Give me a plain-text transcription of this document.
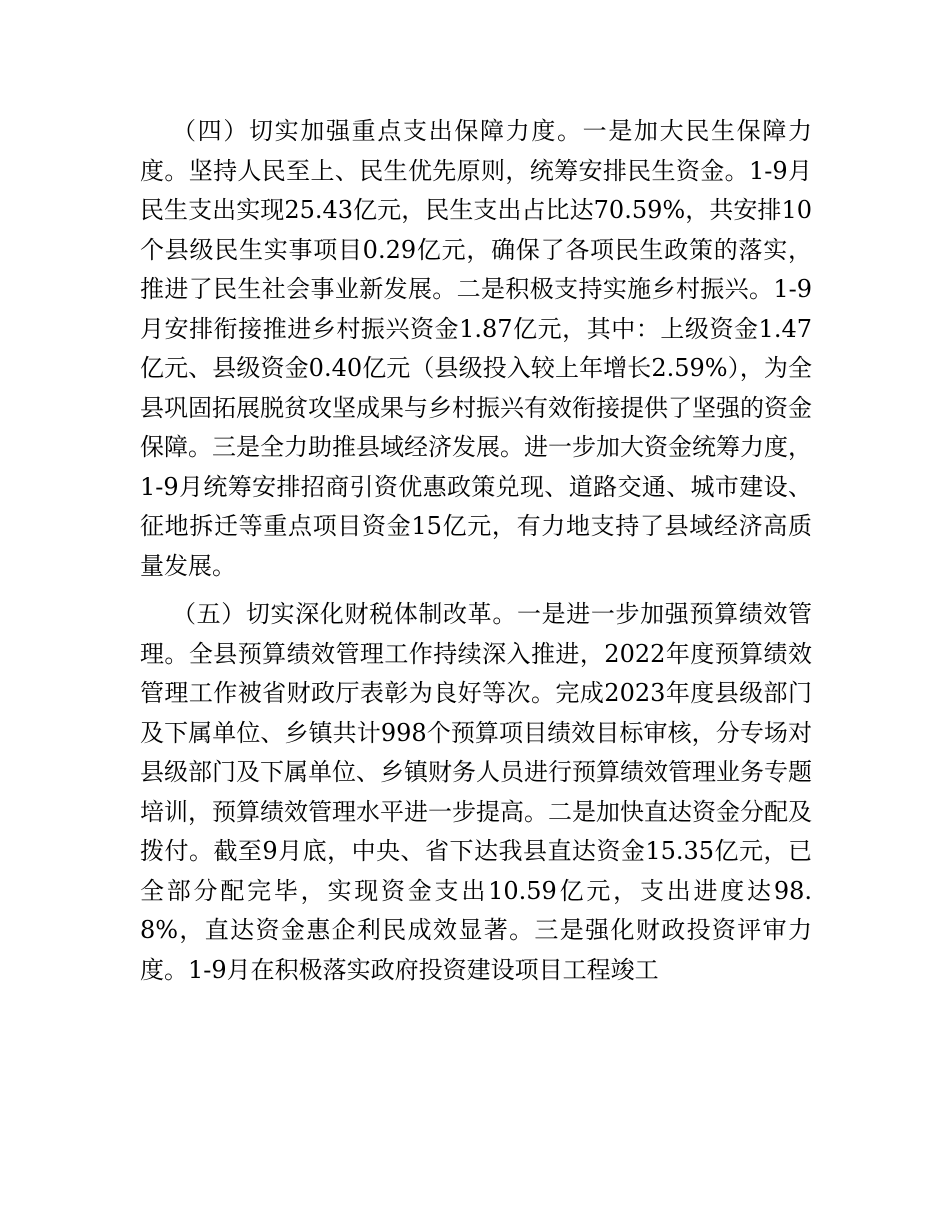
（四）切实加强重点支出保障力度。一是加大民生保障力度。坚持人民至上、民生优先原则，统筹安排民生资金。1-9月民生支出实现25.43亿元，民生支出占比达70.59%，共安排10个县级民生实事项目0.29亿元，确保了各项民生政策的落实，推进了民生社会事业新发展。二是积极支持实施乡村振兴。1-9月安排衔接推进乡村振兴资金1.87亿元，其中：上级资金1.47亿元、县级资金0.40亿元（县级投入较上年增长2.59%），为全县巩固拓展脱贫攻坚成果与乡村振兴有效衔接提供了坚强的资金保障。三是全力助推县域经济发展。进一步加大资金统筹力度，1-9月统筹安排招商引资优惠政策兑现、道路交通、城市建设、征地拆迁等重点项目资金15亿元，有力地支持了县域经济高质量发展。

（五）切实深化财税体制改革。一是进一步加强预算绩效管理。全县预算绩效管理工作持续深入推进，2022年度预算绩效管理工作被省财政厅表彰为良好等次。完成2023年度县级部门及下属单位、乡镇共计998个预算项目绩效目标审核，分专场对县级部门及下属单位、乡镇财务人员进行预算绩效管理业务专题培训，预算绩效管理水平进一步提高。二是加快直达资金分配及拨付。截至9月底，中央、省下达我县直达资金15.35亿元，已全部分配完毕，实现资金支出10.59亿元，支出进度达98.8%，直达资金惠企利民成效显著。三是强化财政投资评审力度。1-9月在积极落实政府投资建设项目工程竣工
